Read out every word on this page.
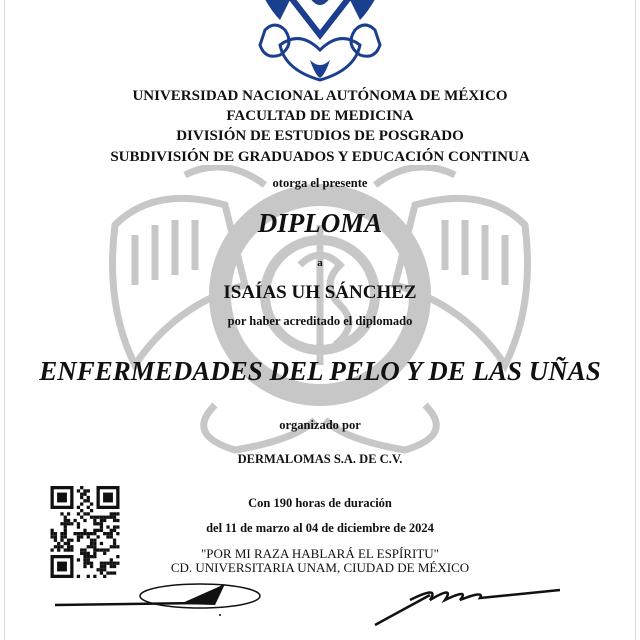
UNIVERSIDAD NACIONAL AUTÓNOMA DE MÉXICO
FACULTAD DE MEDICINA
DIVISIÓN DE ESTUDIOS DE POSGRADO
SUBDIVISIÓN DE GRADUADOS Y EDUCACIÓN CONTINUA
otorga el presente
DIPLOMA
a
ISAÍAS UH SÁNCHEZ
por haber acreditado el diplomado
ENFERMEDADES DEL PELO Y DE LAS UÑAS
organizado por
DERMALOMAS S.A. DE C.V.
Con 190 horas de duración
del 11 de marzo al 04 de diciembre de 2024
"POR MI RAZA HABLARÁ EL ESPÍRITU"
CD. UNIVERSITARIA UNAM, CIUDAD DE MÉXICO
